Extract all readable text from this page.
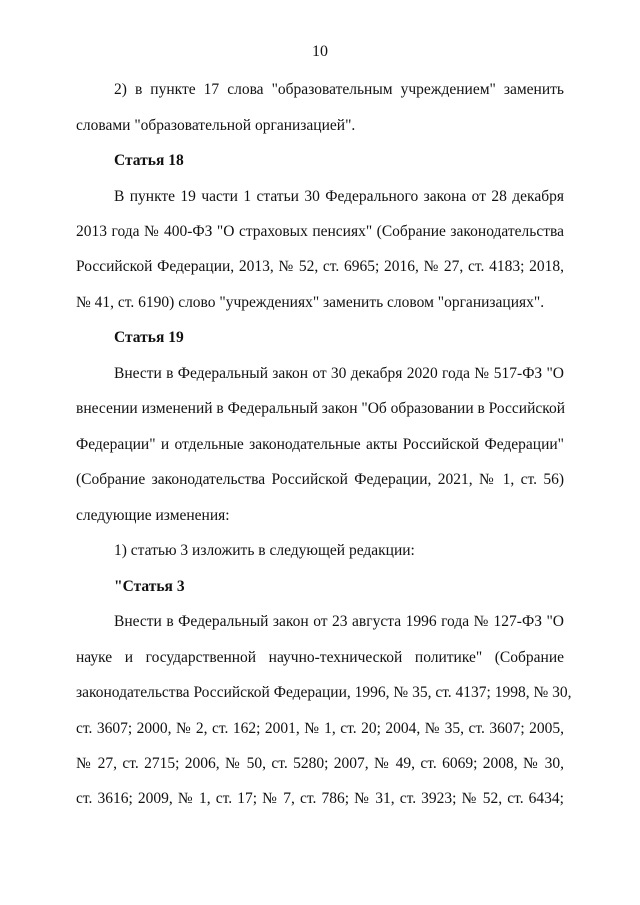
10
2) в пункте 17 слова "образовательным учреждением" заменить
словами "образовательной организацией".
Статья 18
В пункте 19 части 1 статьи 30 Федерального закона от 28 декабря
2013 года № 400-ФЗ "О страховых пенсиях" (Собрание законодательства
Российской Федерации, 2013, № 52, ст. 6965; 2016, № 27, ст. 4183; 2018,
№ 41, ст. 6190) слово "учреждениях" заменить словом "организациях".
Статья 19
Внести в Федеральный закон от 30 декабря 2020 года № 517-ФЗ "О
внесении изменений в Федеральный закон "Об образовании в Российской
Федерации" и отдельные законодательные акты Российской Федерации"
(Собрание законодательства Российской Федерации, 2021, № 1, ст. 56)
следующие изменения:
1) статью 3 изложить в следующей редакции:
"Статья 3
Внести в Федеральный закон от 23 августа 1996 года № 127-ФЗ "О
науке и государственной научно-технической политике" (Собрание
законодательства Российской Федерации, 1996, № 35, ст. 4137; 1998, № 30,
ст. 3607; 2000, № 2, ст. 162; 2001, № 1, ст. 20; 2004, № 35, ст. 3607; 2005,
№ 27, ст. 2715; 2006, № 50, ст. 5280; 2007, № 49, ст. 6069; 2008, № 30,
ст. 3616; 2009, № 1, ст. 17; № 7, ст. 786; № 31, ст. 3923; № 52, ст. 6434;
